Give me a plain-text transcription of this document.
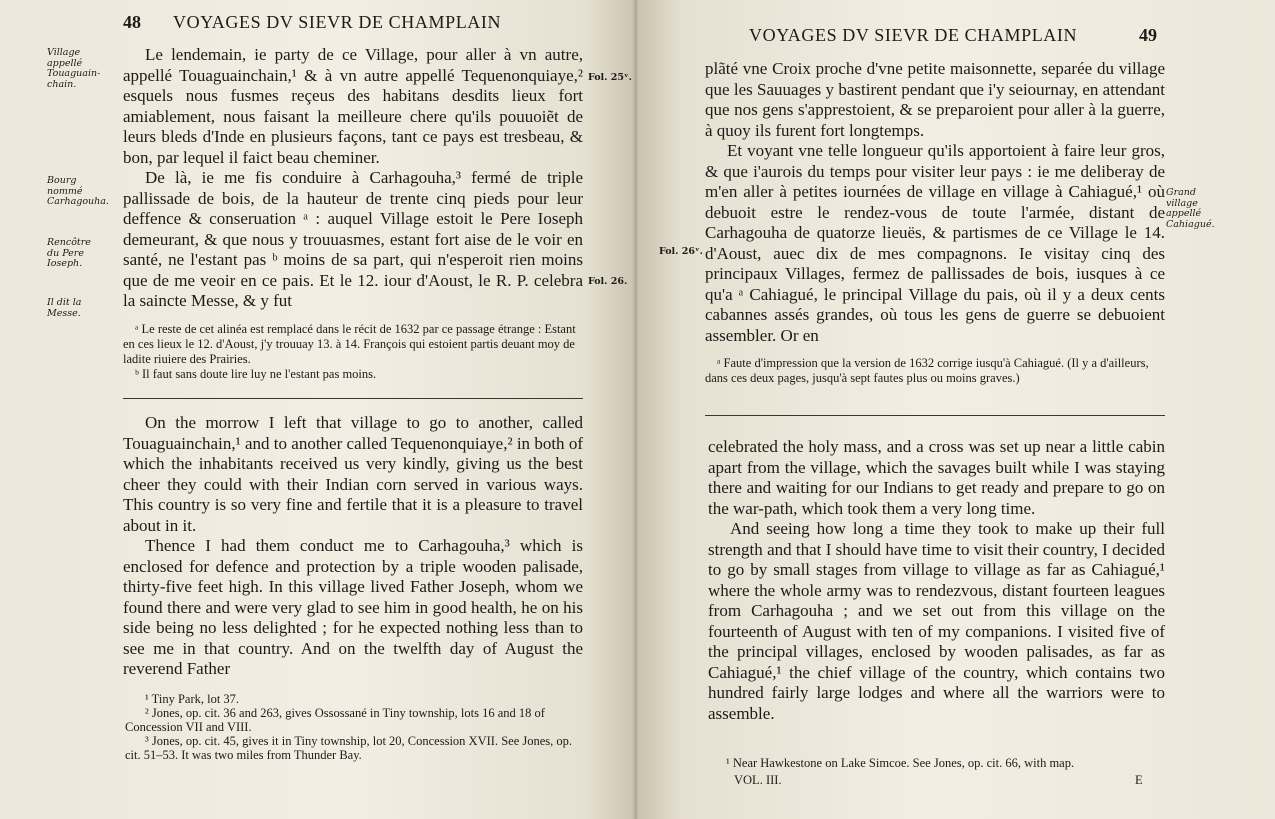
48 VOYAGES DV SIEVR DE CHAMPLAIN
Village
appellé
Touaguain-
chain.
Bourg
nommé
Carhagouha.
Rencôtre
du Pere
Ioseph.
Il dit la
Messe.
Fol. 25ᵛ.
Fol. 26.

Le lendemain, ie party de ce Village, pour aller à vn autre, appellé Touaguainchain,¹ & à vn autre appellé Tequenonquiaye,² esquels nous fusmes reçeus des habitans desdits lieux fort amiablement, nous faisant la meilleure chere qu'ils pouuoiẽt de leurs bleds d'Inde en plusieurs façons, tant ce pays est tresbeau, & bon, par lequel il faict beau cheminer.

De là, ie me fis conduire à Carhagouha,³ fermé de triple pallissade de bois, de la hauteur de trente cinq pieds pour leur deffence & conseruation ᵃ : auquel Village estoit le Pere Ioseph demeurant, & que nous y trouuasmes, estant fort aise de le voir en santé, ne l'estant pas ᵇ moins de sa part, qui n'esperoit rien moins que de me veoir en ce pais. Et le 12. iour d'Aoust, le R. P. celebra la saincte Messe, & y fut

ᵃ Le reste de cet alinéa est remplacé dans le récit de 1632 par ce passage étrange : Estant en ces lieux le 12. d'Aoust, j'y trouuay 13. à 14. François qui estoient partis deuant moy de ladite riuiere des Prairies.

ᵇ Il faut sans doute lire luy ne l'estant pas moins.

On the morrow I left that village to go to another, called Touaguainchain,¹ and to another called Tequenonquiaye,² in both of which the inhabitants received us very kindly, giving us the best cheer they could with their Indian corn served in various ways. This country is so very fine and fertile that it is a pleasure to travel about in it.

Thence I had them conduct me to Carhagouha,³ which is enclosed for defence and protection by a triple wooden palisade, thirty-five feet high. In this village lived Father Joseph, whom we found there and were very glad to see him in good health, he on his side being no less delighted ; for he expected nothing less than to see me in that country. And on the twelfth day of August the reverend Father

¹ Tiny Park, lot 37.
² Jones, op. cit. 36 and 263, gives Ossossané in Tiny township, lots 16 and 18 of Concession VII and VIII.
³ Jones, op. cit. 45, gives it in Tiny township, lot 20, Concession XVII. See Jones, op. cit. 51–53. It was two miles from Thunder Bay.
VOYAGES DV SIEVR DE CHAMPLAIN	49
Grand
village
appellé
Cahiagué.
Fol. 26ᵛ.

plãté vne Croix proche d'vne petite maisonnette, separée du village que les Sauuages y bastirent pendant que i'y seiournay, en attendant que nos gens s'apprestoient, & se preparoient pour aller à la guerre, à quoy ils furent fort longtemps.

Et voyant vne telle longueur qu'ils apportoient à faire leur gros, & que i'aurois du temps pour visiter leur pays : ie me deliberay de m'en aller à petites iournées de village en village à Cahiagué,¹ où debuoit estre le rendez-vous de toute l'armée, distant de Carhagouha de quatorze lieuës, & partismes de ce Village le 14. d'Aoust, auec dix de mes compagnons. Ie visitay cinq des principaux Villages, fermez de pallissades de bois, iusques à ce qu'a ᵃ Cahiagué, le principal Village du pais, où il y a deux cents cabannes assés grandes, où tous les gens de guerre se debuoient assembler. Or en

ᵃ Faute d'impression que la version de 1632 corrige iusqu'à Cahiagué. (Il y a d'ailleurs, dans ces deux pages, jusqu'à sept fautes plus ou moins graves.)

celebrated the holy mass, and a cross was set up near a little cabin apart from the village, which the savages built while I was staying there and waiting for our Indians to get ready and prepare to go on the war-path, which took them a very long time.

And seeing how long a time they took to make up their full strength and that I should have time to visit their country, I decided to go by small stages from village to village as far as Cahiagué,¹ where the whole army was to rendezvous, distant fourteen leagues from Carhagouha ; and we set out from this village on the fourteenth of August with ten of my companions. I visited five of the principal villages, enclosed by wooden palisades, as far as Cahiagué,¹ the chief village of the country, which contains two hundred fairly large lodges and where all the warriors were to assemble.

¹ Near Hawkestone on Lake Simcoe. See Jones, op. cit. 66, with map.
VOL. III.	E
